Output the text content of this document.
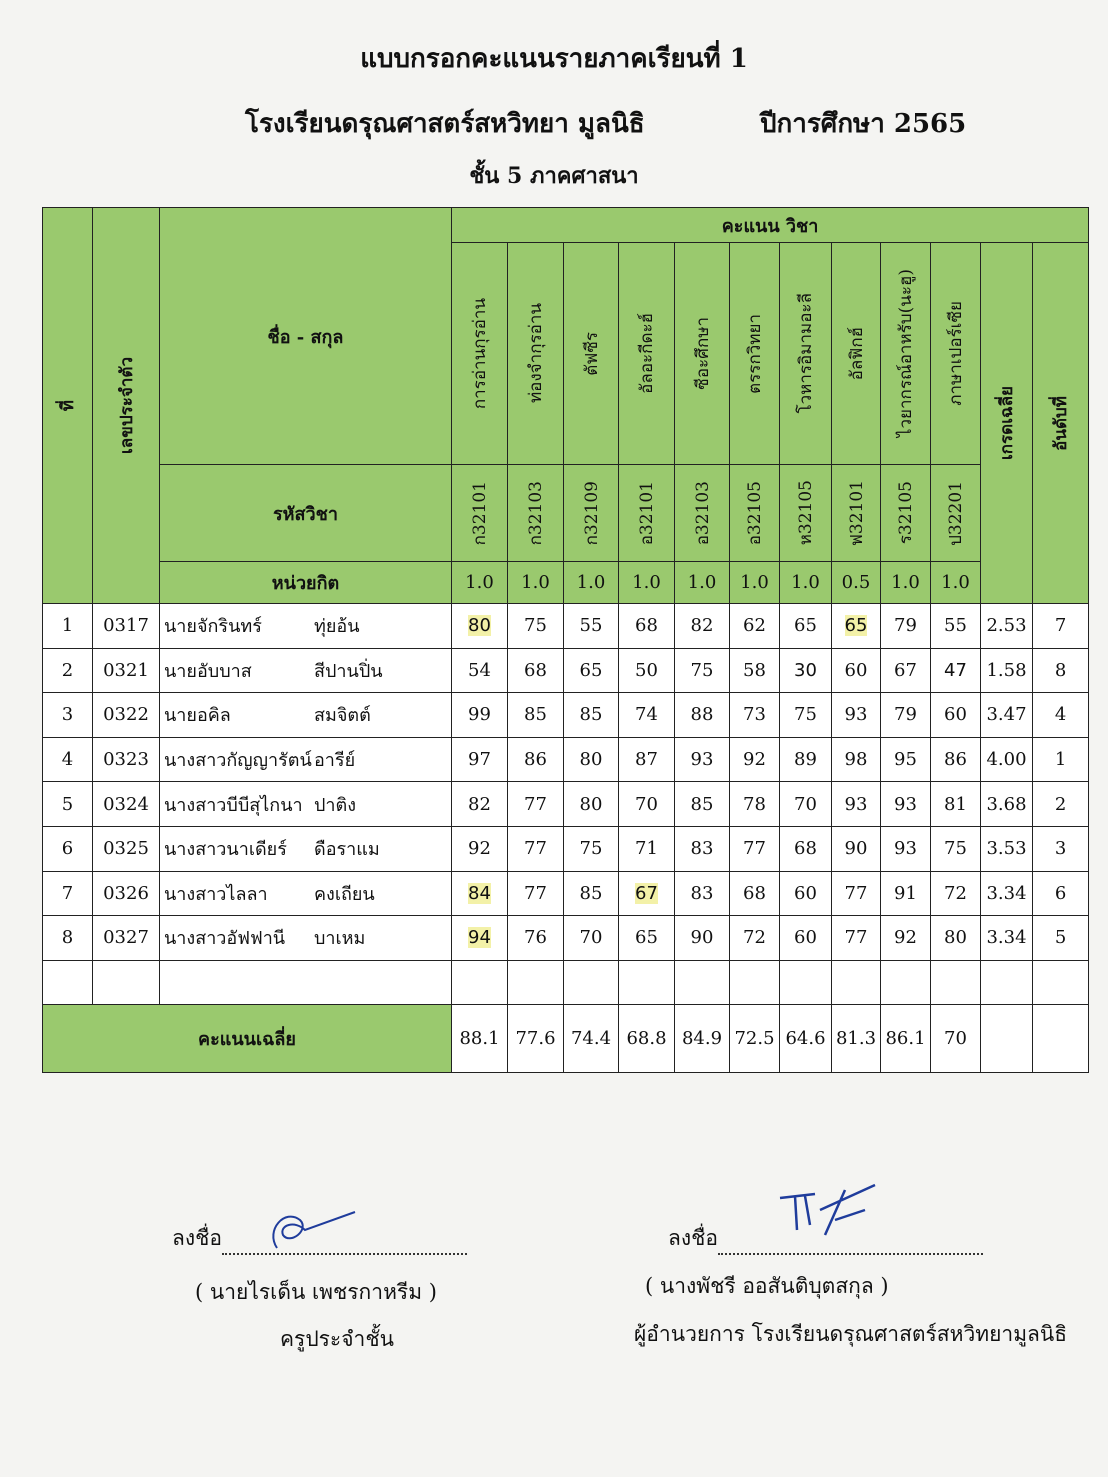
แบบกรอกคะแนนรายภาคเรียนที่ 1
โรงเรียนดรุณศาสตร์สหวิทยา มูลนิธิ	ปีการศึกษา 2565
ชั้น 5 ภาคศาสนา
ที่	เลขประจำตัว	ชื่อ - สกุล	คะแนน วิชา											

			การอ่านกุรอ่าน	ท่องจำกุรอ่าน	ตัฟซีร	อัลอะกีดะฮ์	ซีอะศึกษา	ตรรกวิทยา	โวหารอิมามอะลี	อัลฟิกฮ์	ไวยากรณ์อาหรับ(นะฮู)	ภาษาเปอร์เซีย	เกรดเฉลี่ย	อันดับที่

		รหัสวิชา	ก32101	ก32103	ก32109	อ32101	อ32103	อ32105	ห32105	ฟ32101	ร32105	ป32201		

		หน่วยกิต	1.0	1.0	1.0	1.0	1.0	1.0	1.0	0.5	1.0	1.0		
1	0317	นายจักรินทร์ ทุ่ยอ้น	80	75	55	68	82	62	65	65	79	55	2.53	7
2	0321	นายอับบาส สีปานปิ่น	54	68	65	50	75	58	30	60	67	47	1.58	8
3	0322	นายอคิล สมจิตต์	99	85	85	74	88	73	75	93	79	60	3.47	4
4	0323	นางสาวกัญญารัตน์ อารีย์	97	86	80	87	93	92	89	98	95	86	4.00	1
5	0324	นางสาวบีบีสุไกนา ปาติง	82	77	80	70	85	78	70	93	93	81	3.68	2
6	0325	นางสาวนาเดียร์ ดือราแม	92	77	75	71	83	77	68	90	93	75	3.53	3
7	0326	นางสาวไลลา คงเถียน	84	77	85	67	83	68	60	77	91	72	3.34	6
8	0327	นางสาวอัฟฟานี บาเหม	94	76	70	65	90	72	60	77	92	80	3.34	5

คะแนนเฉลี่ย			88.1	77.6	74.4	68.8	84.9	72.5	64.6	81.3	86.1	70		
ลงชื่อ
( นายไรเด็น เพชรกาหรีม )
ครูประจำชั้น
ลงชื่อ
( นางพัชรี ออสันติบุตสกุล )
ผู้อำนวยการ โรงเรียนดรุณศาสตร์สหวิทยามูลนิธิ
